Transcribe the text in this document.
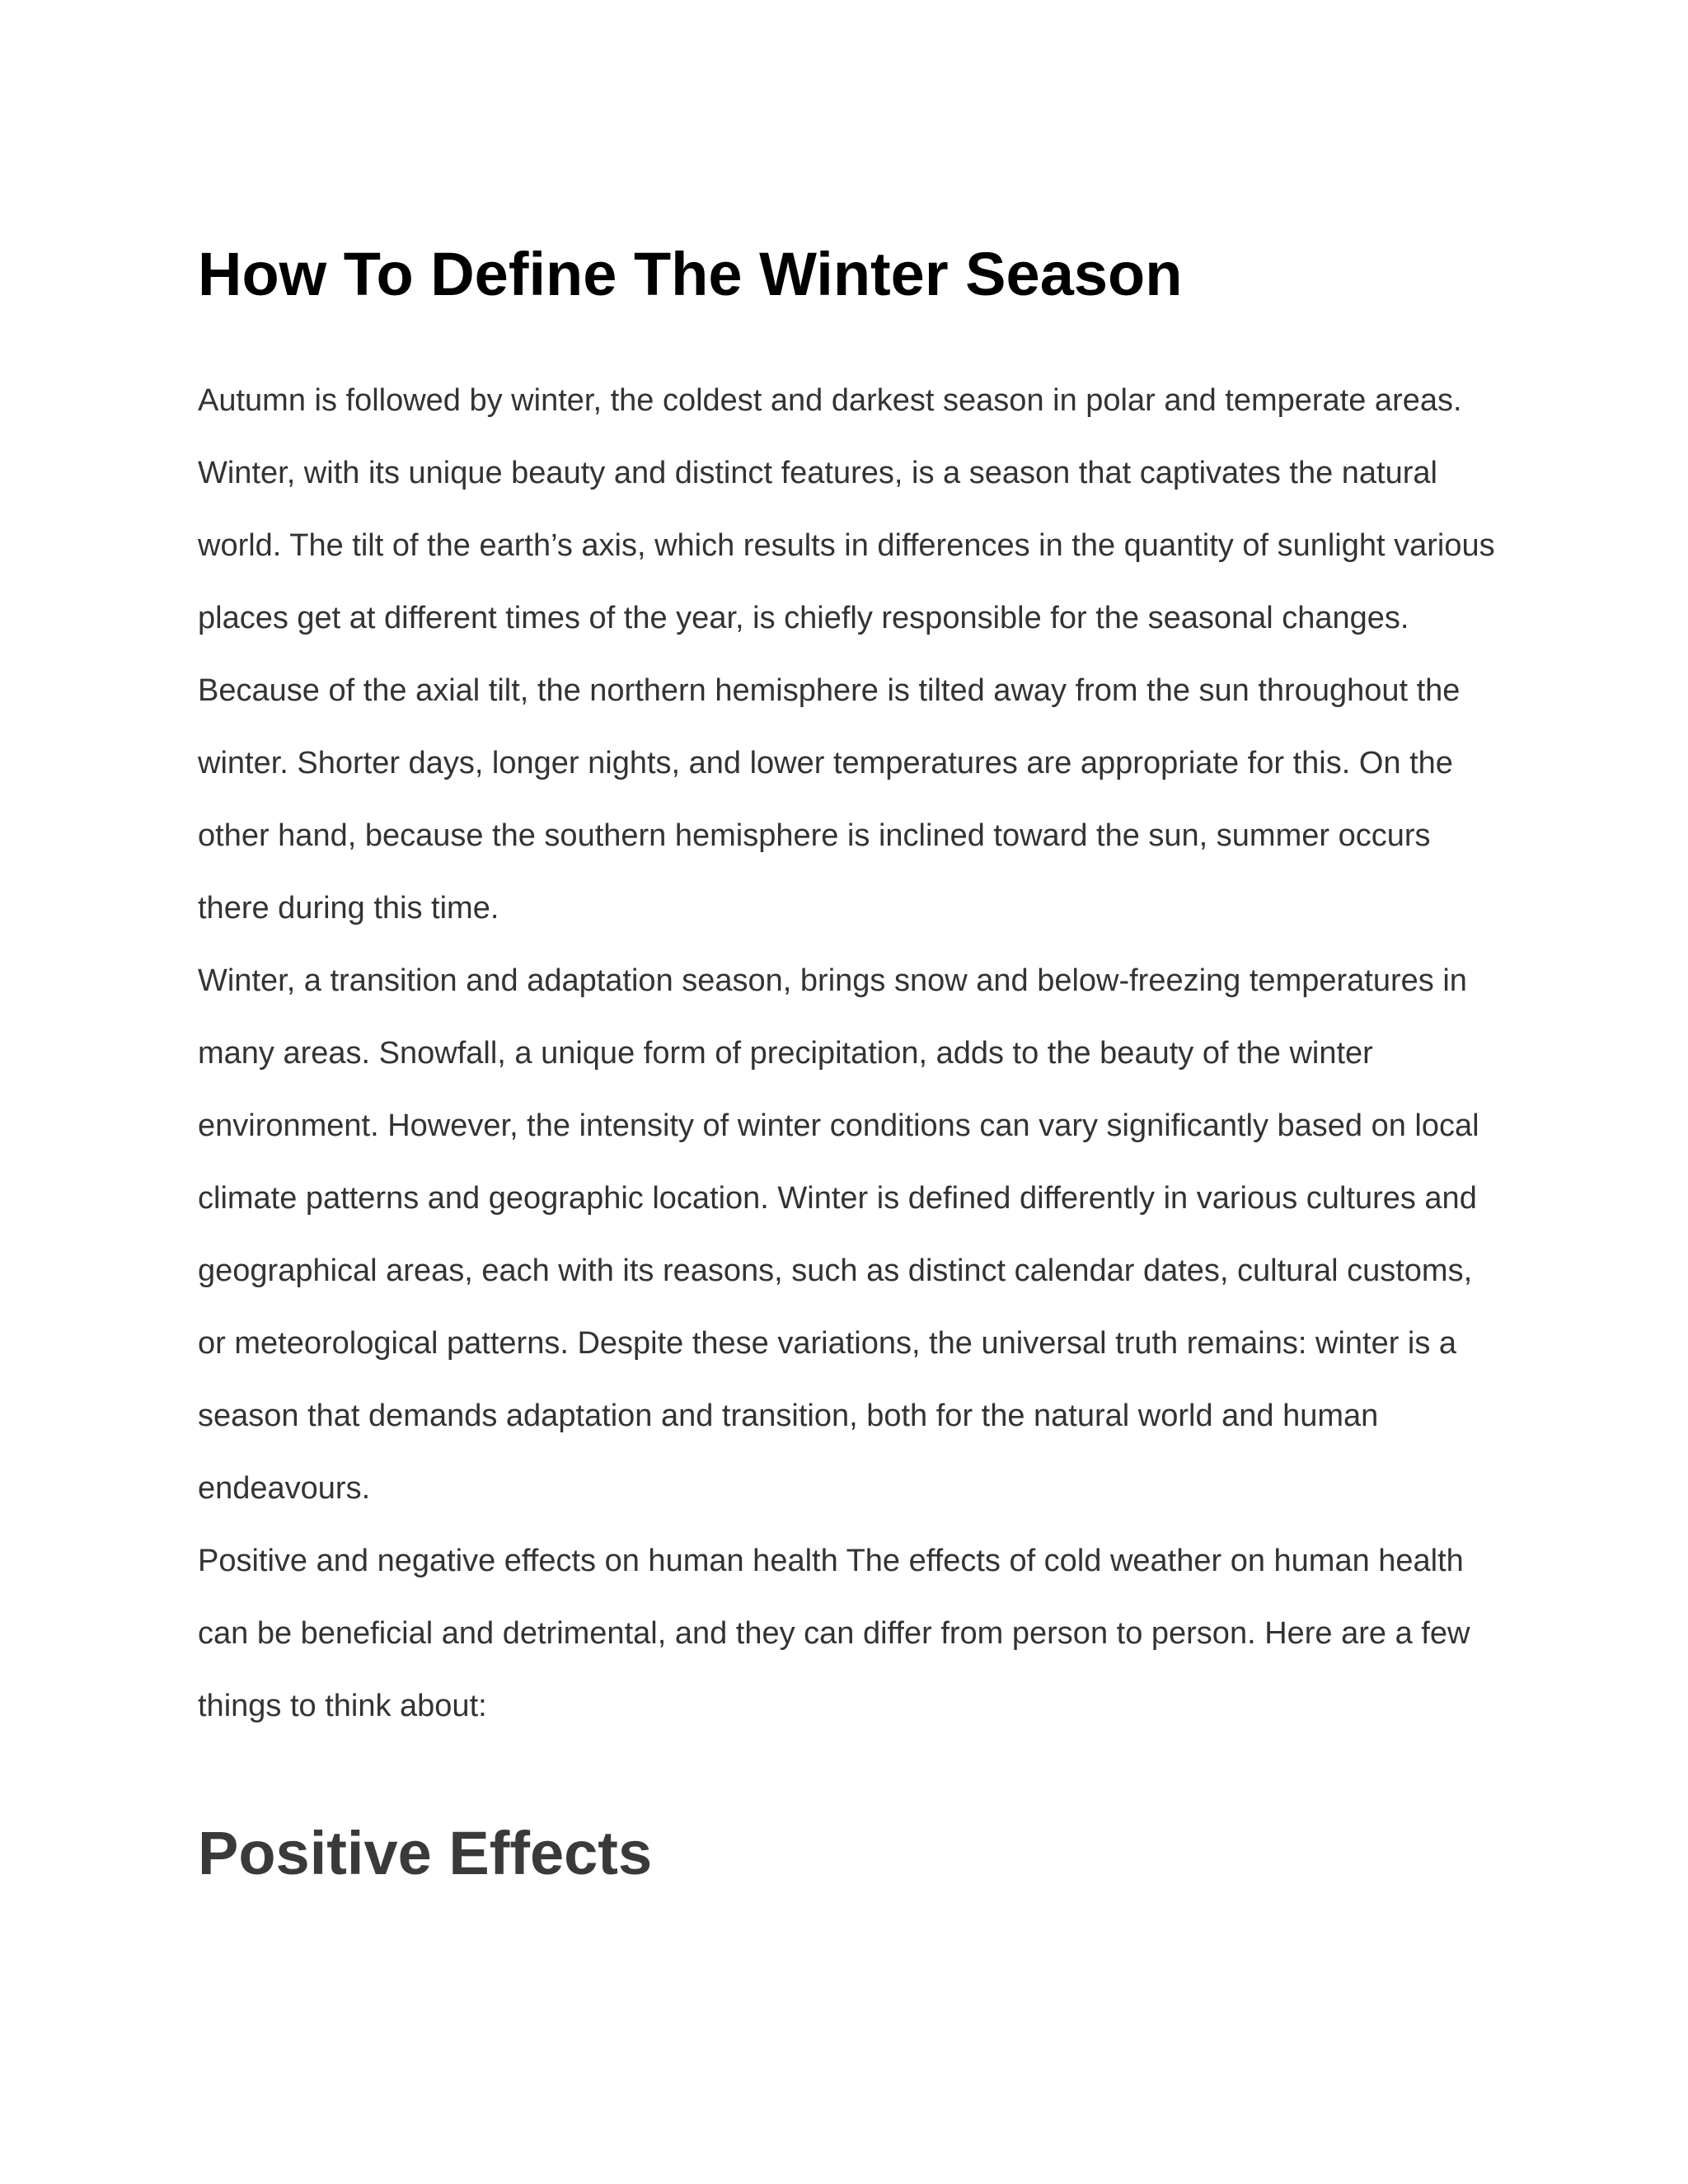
How To Define The Winter Season

Autumn is followed by winter, the coldest and darkest season in polar and temperate areas. Winter, with its unique beauty and distinct features, is a season that captivates the natural world. The tilt of the earth’s axis, which results in differences in the quantity of sunlight various places get at different times of the year, is chiefly responsible for the seasonal changes. Because of the axial tilt, the northern hemisphere is tilted away from the sun throughout the winter. Shorter days, longer nights, and lower temperatures are appropriate for this. On the other hand, because the southern hemisphere is inclined toward the sun, summer occurs there during this time.

Winter, a transition and adaptation season, brings snow and below-freezing temperatures in many areas. Snowfall, a unique form of precipitation, adds to the beauty of the winter environment. However, the intensity of winter conditions can vary significantly based on local climate patterns and geographic location. Winter is defined differently in various cultures and geographical areas, each with its reasons, such as distinct calendar dates, cultural customs, or meteorological patterns. Despite these variations, the universal truth remains: winter is a season that demands adaptation and transition, both for the natural world and human endeavours.

Positive and negative effects on human health The effects of cold weather on human health can be beneficial and detrimental, and they can differ from person to person. Here are a few things to think about:

Positive Effects
